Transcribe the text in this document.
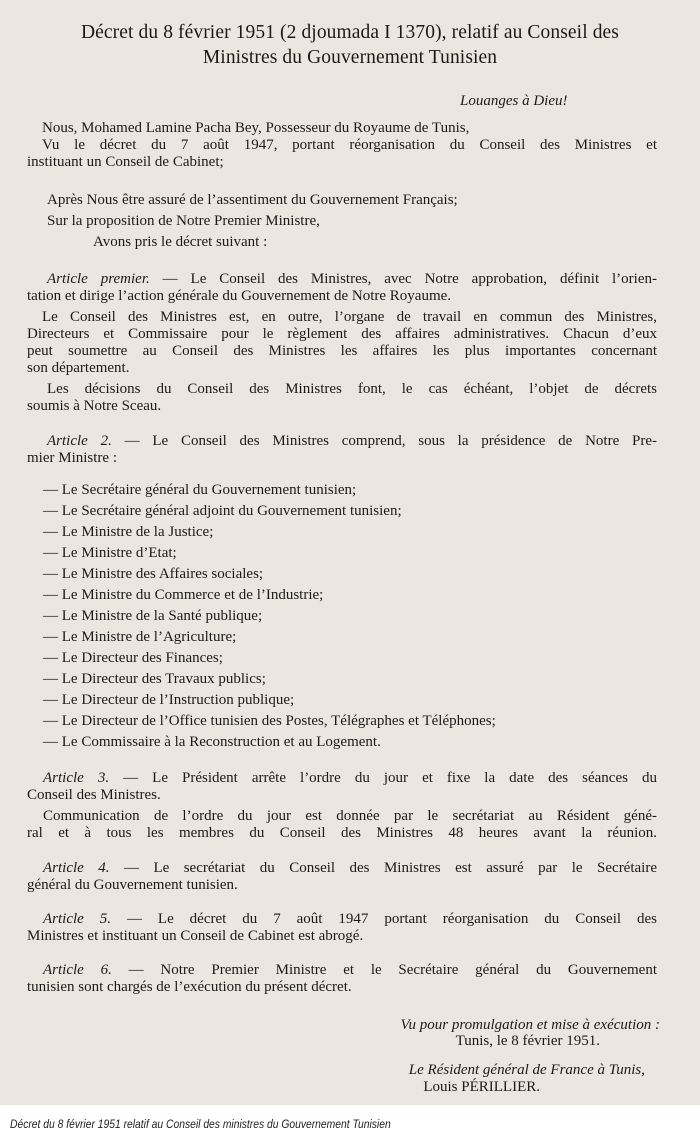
Décret du 8 février 1951 (2 djoumada I 1370), relatif au Conseil des
Ministres du Gouvernement Tunisien
Louanges à Dieu!
Nous, Mohamed Lamine Pacha Bey, Possesseur du Royaume de Tunis,
Vu le décret du 7 août 1947, portant réorganisation du Conseil des Ministres et
instituant un Conseil de Cabinet;
Après Nous être assuré de l’assentiment du Gouvernement Français;
Sur la proposition de Notre Premier Ministre,
Avons pris le décret suivant :
Article premier. — Le Conseil des Ministres, avec Notre approbation, définit l’orien-
tation et dirige l’action générale du Gouvernement de Notre Royaume.
Le Conseil des Ministres est, en outre, l’organe de travail en commun des Ministres,
Directeurs et Commissaire pour le règlement des affaires administratives. Chacun d’eux
peut soumettre au Conseil des Ministres les affaires les plus importantes concernant
son département.
Les décisions du Conseil des Ministres font, le cas échéant, l’objet de décrets
soumis à Notre Sceau.
Article 2. — Le Conseil des Ministres comprend, sous la présidence de Notre Pre-
mier Ministre :
— Le Secrétaire général du Gouvernement tunisien;
— Le Secrétaire général adjoint du Gouvernement tunisien;
— Le Ministre de la Justice;
— Le Ministre d’Etat;
— Le Ministre des Affaires sociales;
— Le Ministre du Commerce et de l’Industrie;
— Le Ministre de la Santé publique;
— Le Ministre de l’Agriculture;
— Le Directeur des Finances;
— Le Directeur des Travaux publics;
— Le Directeur de l’Instruction publique;
— Le Directeur de l’Office tunisien des Postes, Télégraphes et Téléphones;
— Le Commissaire à la Reconstruction et au Logement.
Article 3. — Le Président arrête l’ordre du jour et fixe la date des séances du
Conseil des Ministres.
Communication de l’ordre du jour est donnée par le secrétariat au Résident géné-
ral et à tous les membres du Conseil des Ministres 48 heures avant la réunion.
Article 4. — Le secrétariat du Conseil des Ministres est assuré par le Secrétaire
général du Gouvernement tunisien.
Article 5. — Le décret du 7 août 1947 portant réorganisation du Conseil des
Ministres et instituant un Conseil de Cabinet est abrogé.
Article 6. — Notre Premier Ministre et le Secrétaire général du Gouvernement
tunisien sont chargés de l’exécution du présent décret.
Vu pour promulgation et mise à exécution :
Tunis, le 8 février 1951.
Le Résident général de France à Tunis,
Louis PÉRILLIER.
Décret du 8 février 1951 relatif au Conseil des ministres du Gouvernement Tunisien
